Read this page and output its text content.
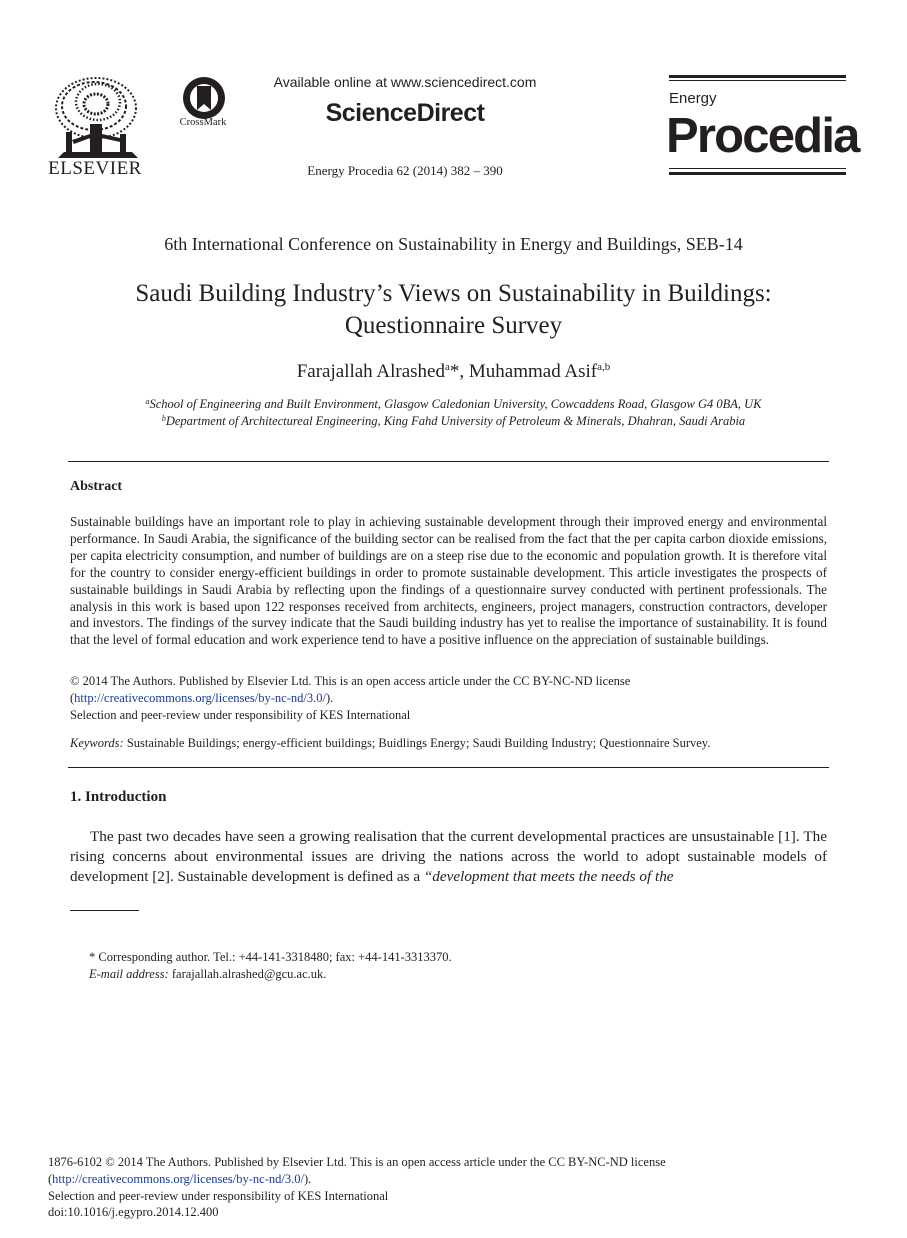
ELSEVIER
CrossMark
Available online at www.sciencedirect.com
ScienceDirect
Energy Procedia 62 (2014) 382 – 390
Energy
Procedia
6th International Conference on Sustainability in Energy and Buildings, SEB-14
Saudi Building Industry’s Views on Sustainability in Buildings:
Questionnaire Survey
Farajallah Alrashed$^a$*, Muhammad Asif$^{a,b}$
$^a$School of Engineering and Built Environment, Glasgow Caledonian University, Cowcaddens Road, Glasgow G4 0BA, UK
$^b$Department of Architectureal Engineering, King Fahd University of Petroleum & Minerals, Dhahran, Saudi Arabia
Abstract
Sustainable buildings have an important role to play in achieving sustainable development through their improved energy and environmental performance. In Saudi Arabia, the significance of the building sector can be realised from the fact that the per capita carbon dioxide emissions, per capita electricity consumption, and number of buildings are on a steep rise due to the economic and population growth. It is therefore vital for the country to consider energy-efficient buildings in order to promote sustainable development. This article investigates the prospects of sustainable buildings in Saudi Arabia by reflecting upon the findings of a questionnaire survey conducted with pertinent professionals. The analysis in this work is based upon 122 responses received from architects, engineers, project managers, construction contractors, developer and investors. The findings of the survey indicate that the Saudi building industry has yet to realise the importance of sustainability. It is found that the level of formal education and work experience tend to have a positive influence on the appreciation of sustainable buildings.
© 2014 The Authors. Published by Elsevier Ltd. This is an open access article under the CC BY-NC-ND license
(http://creativecommons.org/licenses/by-nc-nd/3.0/).
Selection and peer-review under responsibility of KES International
Keywords: Sustainable Buildings; energy-efficient buildings; Buidlings Energy; Saudi Building Industry; Questionnaire Survey.
1. Introduction
The past two decades have seen a growing realisation that the current developmental practices are unsustainable [1]. The rising concerns about environmental issues are driving the nations across the world to adopt sustainable models of development [2]. Sustainable development is defined as a “development that meets the needs of the
* Corresponding author. Tel.: +44-141-3318480; fax: +44-141-3313370.
E-mail address: farajallah.alrashed@gcu.ac.uk.
1876-6102 © 2014 The Authors. Published by Elsevier Ltd. This is an open access article under the CC BY-NC-ND license
(http://creativecommons.org/licenses/by-nc-nd/3.0/).
Selection and peer-review under responsibility of KES International
doi:10.1016/j.egypro.2014.12.400
